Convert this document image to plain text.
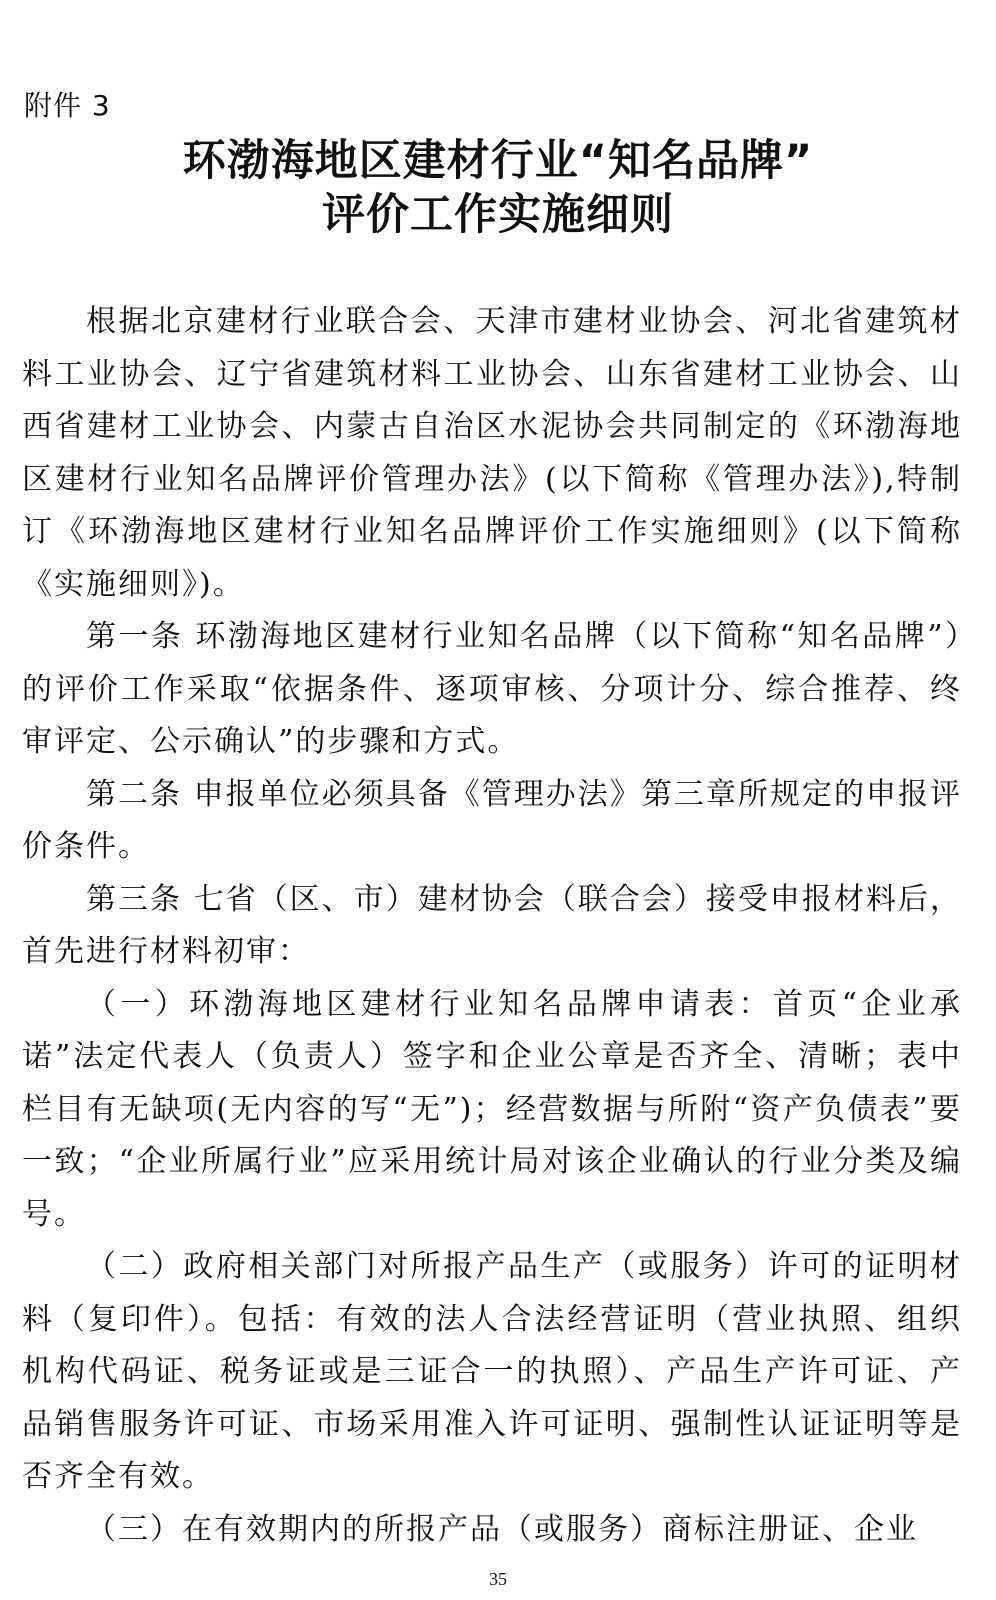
附件 3
环渤海地区建材行业“知名品牌”
评价工作实施细则

根据北京建材行业联合会、天津市建材业协会、河北省建筑材料工业协会、辽宁省建筑材料工业协会、山东省建材工业协会、山西省建材工业协会、内蒙古自治区水泥协会共同制定的《环渤海地区建材行业知名品牌评价管理办法》(以下简称《管理办法》),特制订《环渤海地区建材行业知名品牌评价工作实施细则》(以下简称《实施细则》)。

第一条 环渤海地区建材行业知名品牌（以下简称“知名品牌”）的评价工作采取“依据条件、逐项审核、分项计分、综合推荐、终审评定、公示确认”的步骤和方式。

第二条 申报单位必须具备《管理办法》第三章所规定的申报评价条件。

第三条 七省（区、市）建材协会（联合会）接受申报材料后，首先进行材料初审：

（一）环渤海地区建材行业知名品牌申请表：首页“企业承诺”法定代表人（负责人）签字和企业公章是否齐全、清晰；表中栏目有无缺项(无内容的写“无”)；经营数据与所附“资产负债表”要一致；“企业所属行业”应采用统计局对该企业确认的行业分类及编号。

（二）政府相关部门对所报产品生产（或服务）许可的证明材料（复印件）。包括：有效的法人合法经营证明（营业执照、组织机构代码证、税务证或是三证合一的执照）、产品生产许可证、产品销售服务许可证、市场采用准入许可证明、强制性认证证明等是否齐全有效。

（三）在有效期内的所报产品（或服务）商标注册证、企业

35
